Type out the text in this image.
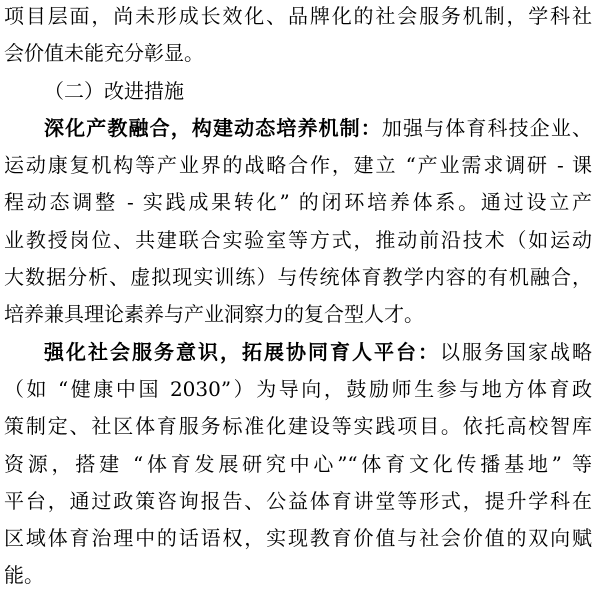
项目层面，尚未形成长效化、品牌化的社会服务机制，学科社
会价值未能充分彰显。
（二）改进措施
深化产教融合，构建动态培养机制：加强与体育科技企业、
运动康复机构等产业界的战略合作，建立 “产业需求调研 - 课
程动态调整 - 实践成果转化” 的闭环培养体系。通过设立产
业教授岗位、共建联合实验室等方式，推动前沿技术（如运动
大数据分析、虚拟现实训练）与传统体育教学内容的有机融合，
培养兼具理论素养与产业洞察力的复合型人才。
强化社会服务意识，拓展协同育人平台：以服务国家战略
（如 “健康中国 2030”）为导向，鼓励师生参与地方体育政
策制定、社区体育服务标准化建设等实践项目。依托高校智库
资源，搭建 “体育发展研究中心”“体育文化传播基地” 等
平台，通过政策咨询报告、公益体育讲堂等形式，提升学科在
区域体育治理中的话语权，实现教育价值与社会价值的双向赋
能。
